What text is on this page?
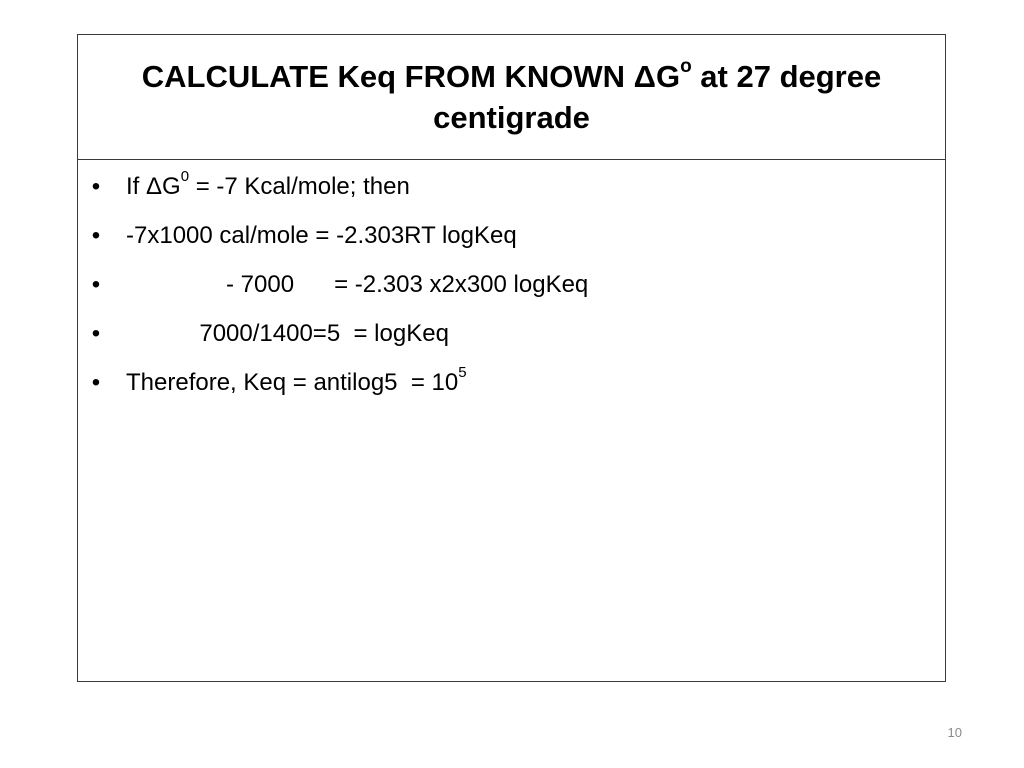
CALCULATE Keq FROM KNOWN $\Delta G^o$ at 27 degree centigrade
• If $\Delta G^0 = -7$ Kcal/mole; then
• -7x1000 cal/mole = -2.303RT logKeq
• - 7000      = -2.303 x2x300 logKeq
• 7000/1400=5  = logKeq
• Therefore, Keq = antilog5  = $10^5$
10
